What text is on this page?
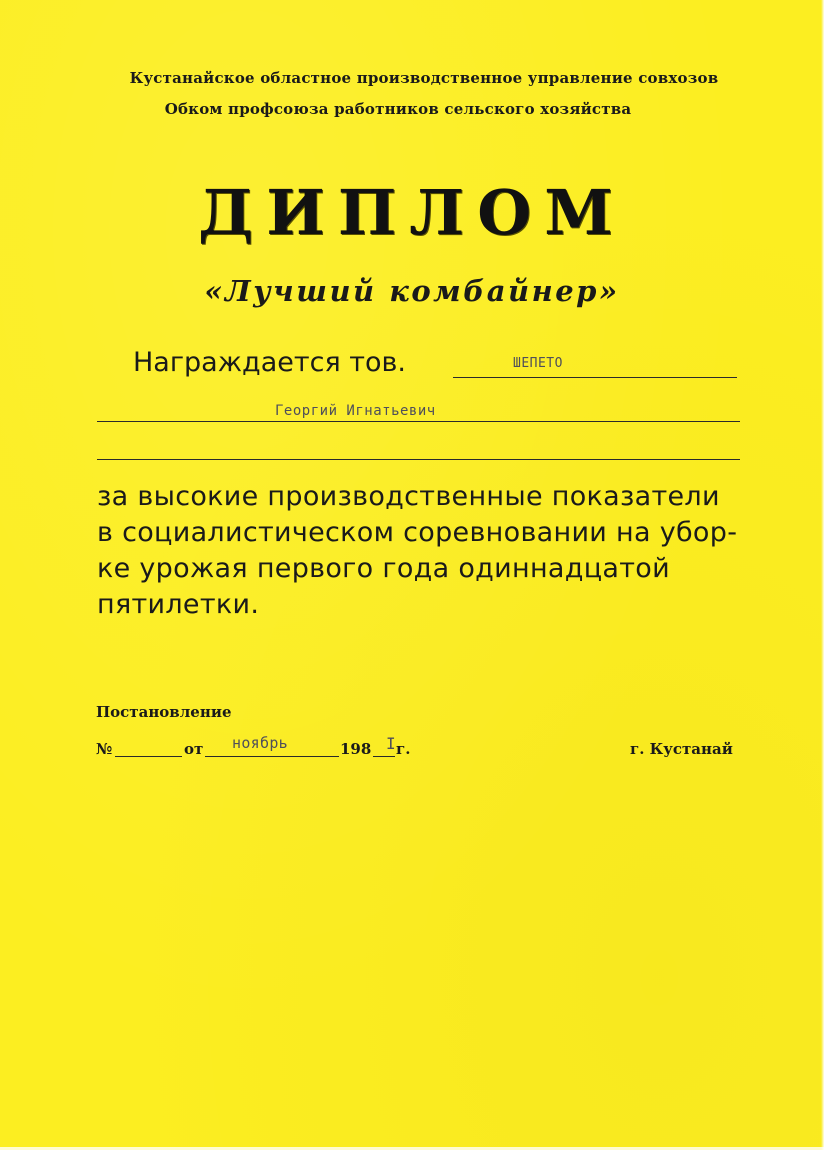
Кустанайское областное производственное управление совхозов
Обком профсоюза работников сельского хозяйства
ДИПЛОМ
«Лучший комбайнер»
Награждается тов.	ШЕПЕТО
Георгий Игнатьевич
за высокие производственные показатели
в социалистическом соревновании на убор-
ке урожая первого года одиннадцатой
пятилетки.
Постановление
№	от ноябрь	198 I г.	г. Кустанай
